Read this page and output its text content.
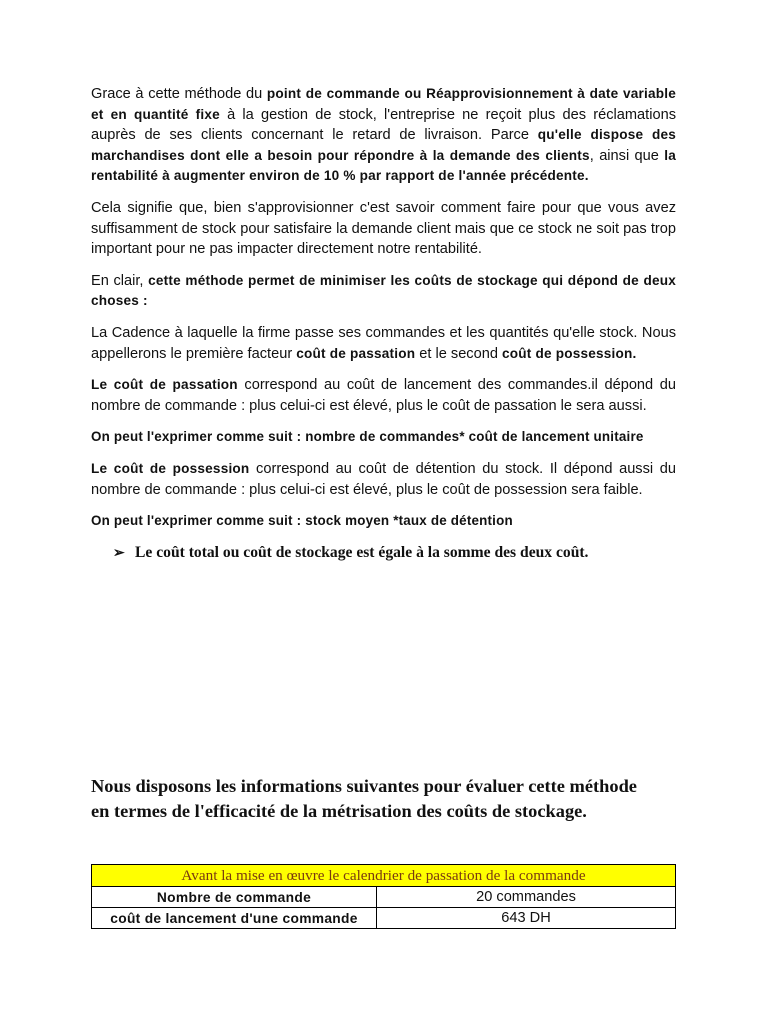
Grace à cette méthode du point de commande ou Réapprovisionnement à date variable et en quantité fixe à la gestion de stock, l'entreprise ne reçoit plus des réclamations auprès de ses clients concernant le retard de livraison. Parce qu'elle dispose des marchandises dont elle a besoin pour répondre à la demande des clients, ainsi que la rentabilité à augmenter environ de 10 % par rapport de l'année précédente.

Cela signifie que, bien s'approvisionner c'est savoir comment faire pour que vous avez suffisamment de stock pour satisfaire la demande client mais que ce stock ne soit pas trop important pour ne pas impacter directement notre rentabilité.

En clair, cette méthode permet de minimiser les coûts de stockage qui dépond de deux choses :

La Cadence à laquelle la firme passe ses commandes et les quantités qu'elle stock. Nous appellerons le première facteur coût de passation et le second coût de possession.

Le coût de passation correspond au coût de lancement des commandes.il dépond du nombre de commande : plus celui-ci est élevé, plus le coût de passation le sera aussi.

On peut l'exprimer comme suit : nombre de commandes* coût de lancement unitaire

Le coût de possession correspond au coût de détention du stock. Il dépond aussi du nombre de commande : plus celui-ci est élevé, plus le coût de possession sera faible.

On peut l'exprimer comme suit : stock moyen *taux de détention

➢ Le coût total ou coût de stockage est égale à la somme des deux coût.
Nous disposons les informations suivantes pour évaluer cette méthode en termes de l'efficacité de la métrisation des coûts de stockage.
Avant la mise en œuvre le calendrier de passation de la commande	
Nombre de commande	20 commandes
coût de lancement d'une commande	643 DH
